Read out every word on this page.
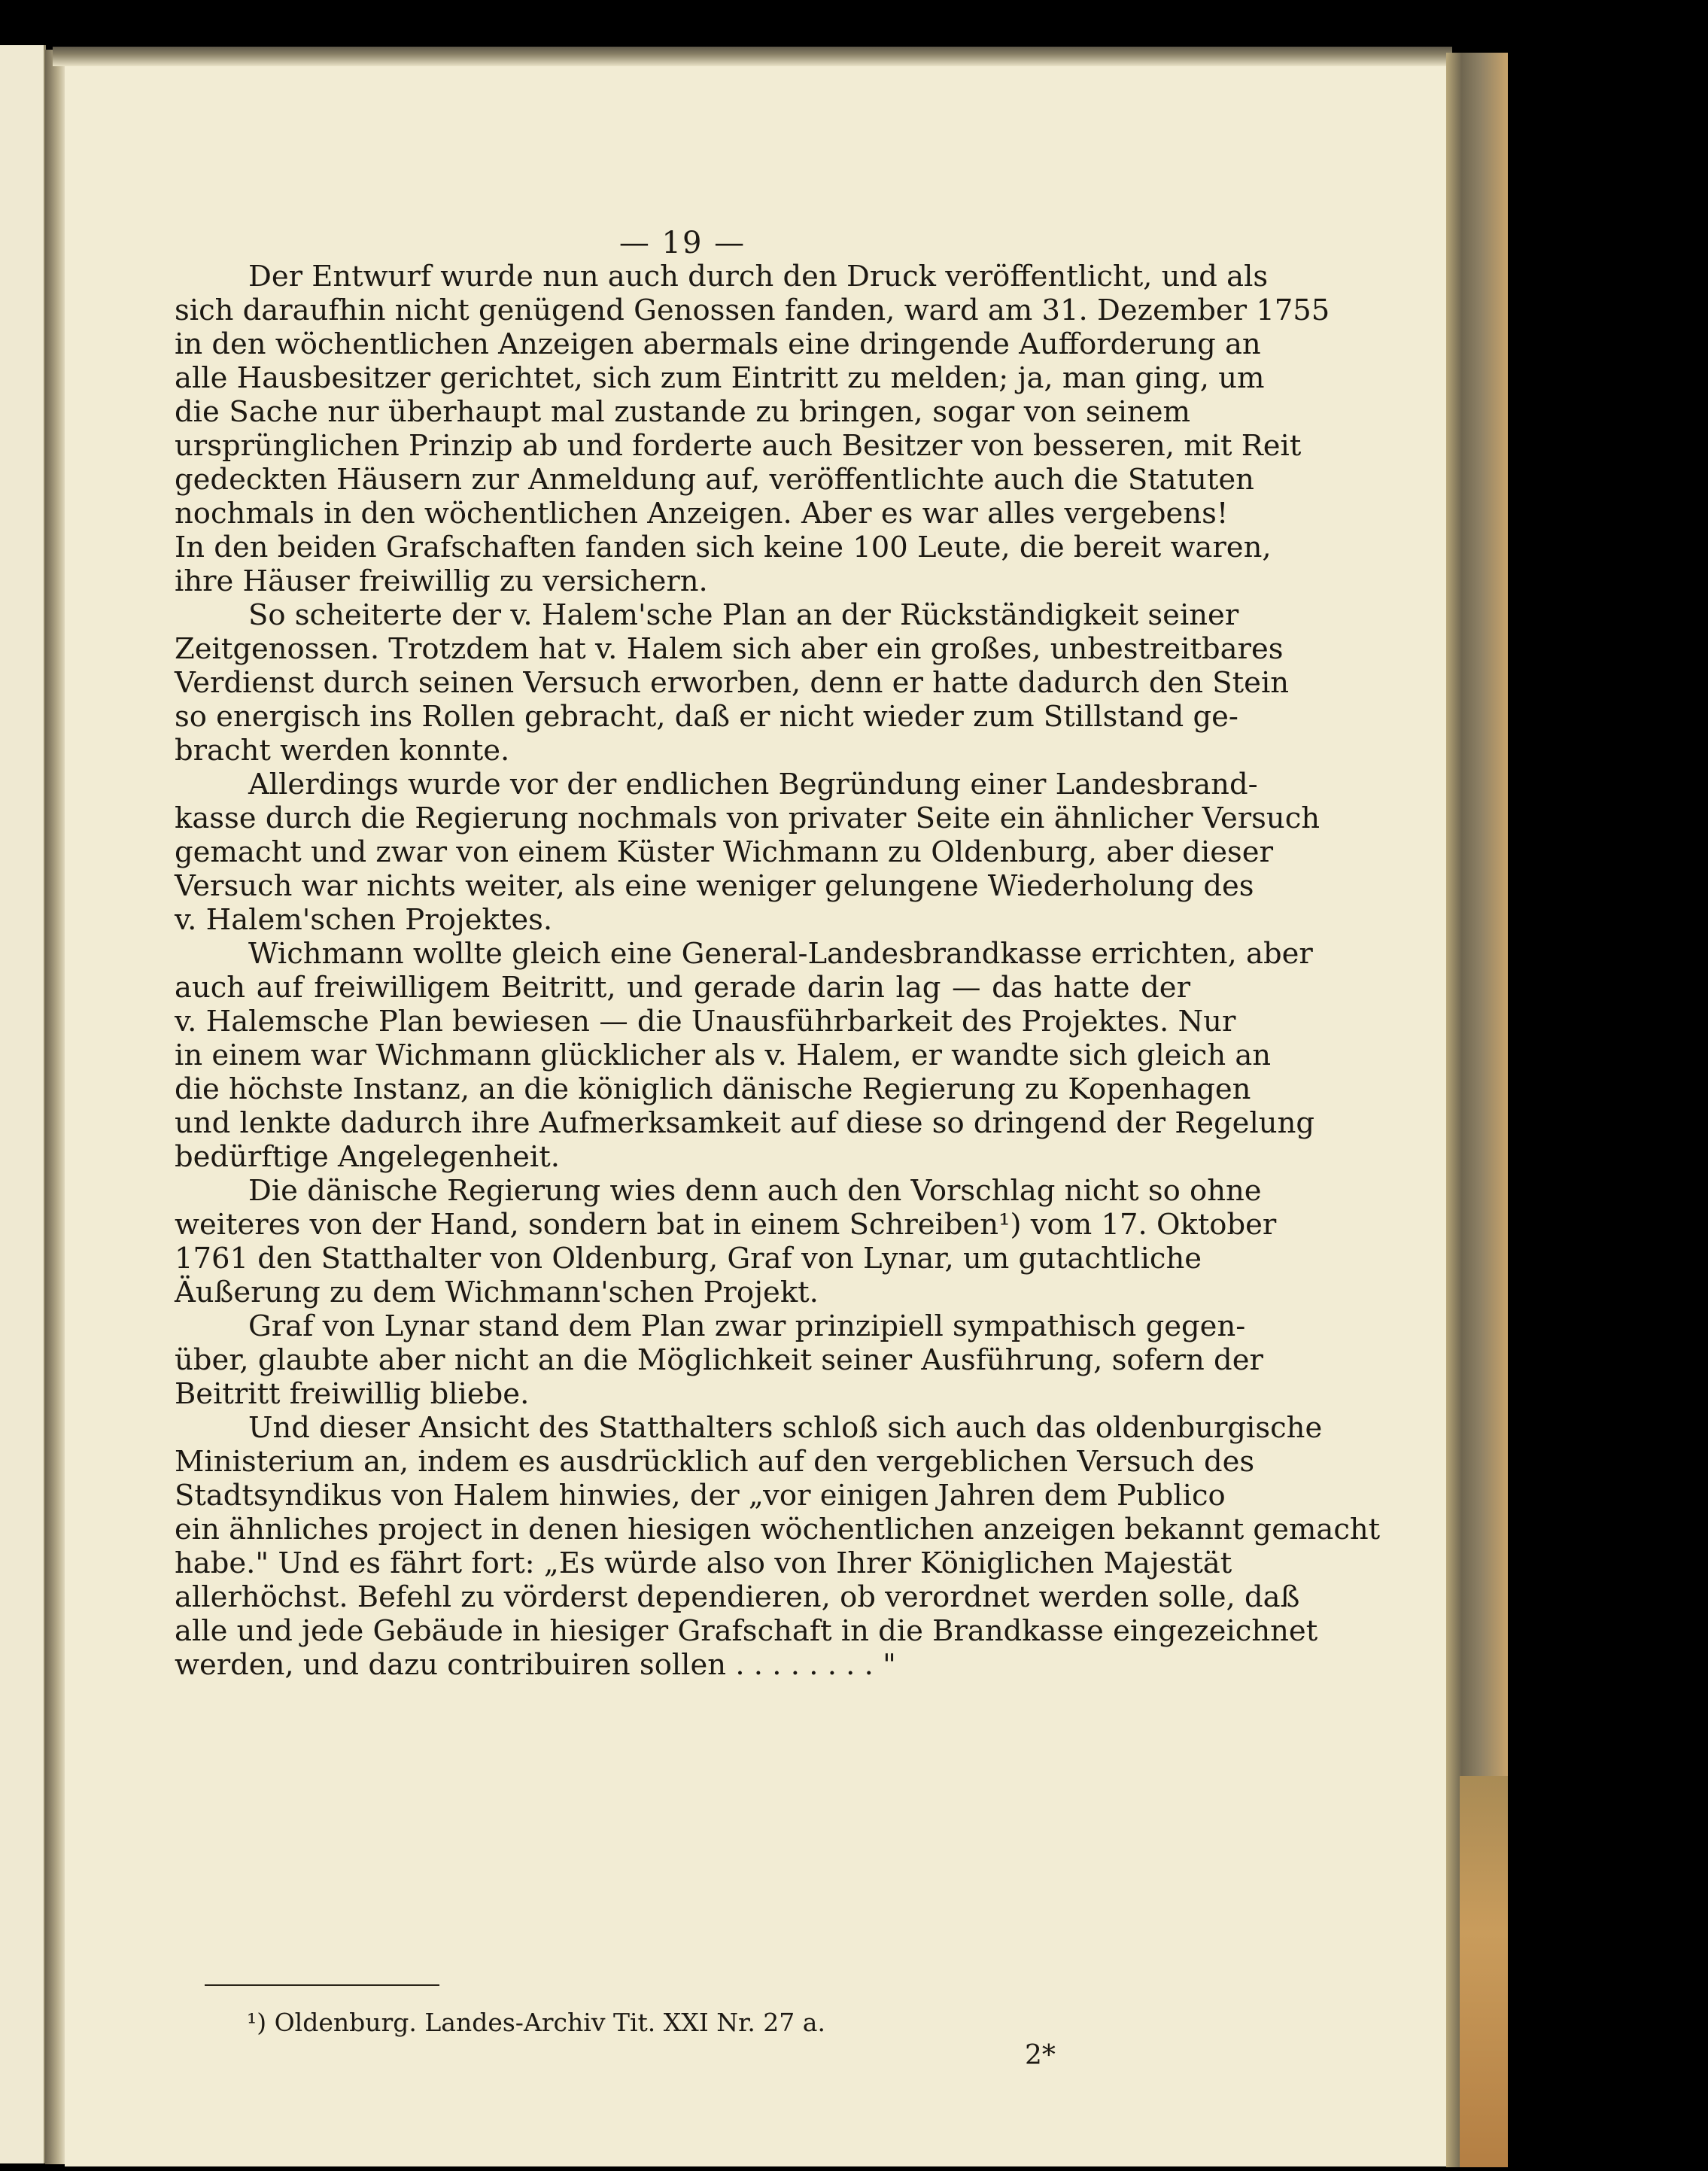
— 19 —
Der Entwurf wurde nun auch durch den Druck veröffentlicht, und als
sich daraufhin nicht genügend Genossen fanden, ward am 31. Dezember 1755
in den wöchentlichen Anzeigen abermals eine dringende Aufforderung an
alle Hausbesitzer gerichtet, sich zum Eintritt zu melden; ja, man ging, um
die Sache nur überhaupt mal zustande zu bringen, sogar von seinem
ursprünglichen Prinzip ab und forderte auch Besitzer von besseren, mit Reit
gedeckten Häusern zur Anmeldung auf, veröffentlichte auch die Statuten
nochmals in den wöchentlichen Anzeigen. Aber es war alles vergebens!
In den beiden Grafschaften fanden sich keine 100 Leute, die bereit waren,
ihre Häuser freiwillig zu versichern.
So scheiterte der v. Halem'sche Plan an der Rückständigkeit seiner
Zeitgenossen. Trotzdem hat v. Halem sich aber ein großes, unbestreitbares
Verdienst durch seinen Versuch erworben, denn er hatte dadurch den Stein
so energisch ins Rollen gebracht, daß er nicht wieder zum Stillstand ge-
bracht werden konnte.
Allerdings wurde vor der endlichen Begründung einer Landesbrand-
kasse durch die Regierung nochmals von privater Seite ein ähnlicher Versuch
gemacht und zwar von einem Küster Wichmann zu Oldenburg, aber dieser
Versuch war nichts weiter, als eine weniger gelungene Wiederholung des
v. Halem'schen Projektes.
Wichmann wollte gleich eine General-Landesbrandkasse errichten, aber
auch auf freiwilligem Beitritt, und gerade darin lag — das hatte der
v. Halemsche Plan bewiesen — die Unausführbarkeit des Projektes. Nur
in einem war Wichmann glücklicher als v. Halem, er wandte sich gleich an
die höchste Instanz, an die königlich dänische Regierung zu Kopenhagen
und lenkte dadurch ihre Aufmerksamkeit auf diese so dringend der Regelung
bedürftige Angelegenheit.
Die dänische Regierung wies denn auch den Vorschlag nicht so ohne
weiteres von der Hand, sondern bat in einem Schreiben¹) vom 17. Oktober
1761 den Statthalter von Oldenburg, Graf von Lynar, um gutachtliche
Äußerung zu dem Wichmann'schen Projekt.
Graf von Lynar stand dem Plan zwar prinzipiell sympathisch gegen-
über, glaubte aber nicht an die Möglichkeit seiner Ausführung, sofern der
Beitritt freiwillig bliebe.
Und dieser Ansicht des Statthalters schloß sich auch das oldenburgische
Ministerium an, indem es ausdrücklich auf den vergeblichen Versuch des
Stadtsyndikus von Halem hinwies, der „vor einigen Jahren dem Publico
ein ähnliches project in denen hiesigen wöchentlichen anzeigen bekannt gemacht
habe." Und es fährt fort: „Es würde also von Ihrer Königlichen Majestät
allerhöchst. Befehl zu vörderst dependieren, ob verordnet werden solle, daß
alle und jede Gebäude in hiesiger Grafschaft in die Brandkasse eingezeichnet
werden, und dazu contribuiren sollen . . . . . . . . "
¹) Oldenburg. Landes-Archiv Tit. XXI Nr. 27 a.
2*
